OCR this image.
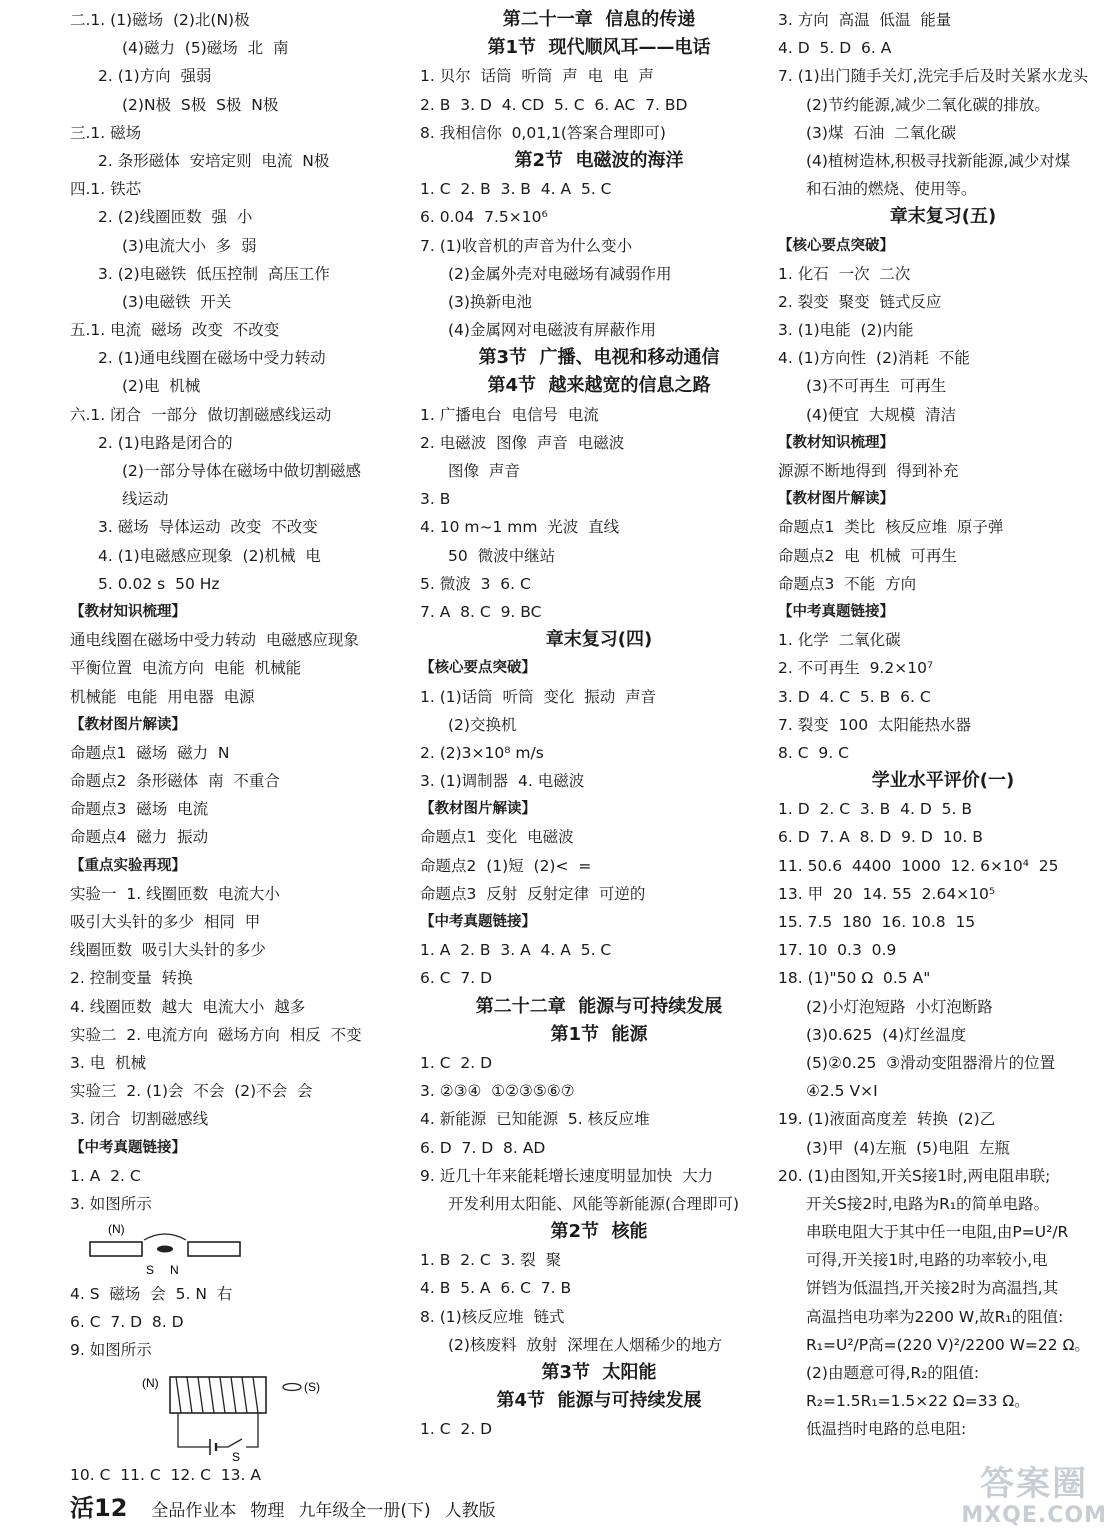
二.1. (1)磁场  (2)北(N)极
(4)磁力  (5)磁场  北  南
2. (1)方向  强弱
(2)N极  S极  S极  N极
三.1. 磁场
2. 条形磁体  安培定则  电流  N极
四.1. 铁芯
2. (2)线圈匝数  强  小
(3)电流大小  多  弱
3. (2)电磁铁  低压控制  高压工作
(3)电磁铁  开关
五.1. 电流  磁场  改变  不改变
2. (1)通电线圈在磁场中受力转动
(2)电  机械
六.1. 闭合  一部分  做切割磁感线运动
2. (1)电路是闭合的
(2)一部分导体在磁场中做切割磁感
线运动
3. 磁场  导体运动  改变  不改变
4. (1)电磁感应现象  (2)机械  电
5. 0.02 s  50 Hz
【教材知识梳理】
通电线圈在磁场中受力转动  电磁感应现象
平衡位置  电流方向  电能  机械能
机械能  电能  用电器  电源
【教材图片解读】
命题点1  磁场  磁力  N
命题点2  条形磁体  南  不重合
命题点3  磁场  电流
命题点4  磁力  振动
【重点实验再现】
实验一  1. 线圈匝数  电流大小
吸引大头针的多少  相同  甲
线圈匝数  吸引大头针的多少
2. 控制变量  转换
4. 线圈匝数  越大  电流大小  越多
实验二  2. 电流方向  磁场方向  相反  不变
3. 电  机械
实验三  2. (1)会  不会  (2)不会  会
3. 闭合  切割磁感线
【中考真题链接】
1. A  2. C
3. 如图所示
(N)
S N
4. S  磁场  会  5. N  右
6. C  7. D  8. D
9. 如图所示
(N)	(S)
S
10. C  11. C  12. C  13. A
第二十一章  信息的传递
第1节  现代顺风耳——电话
1. 贝尔  话筒  听筒  声  电  电  声
2. B  3. D  4. CD  5. C  6. AC  7. BD
8. 我相信你  0,01,1(答案合理即可)
第2节  电磁波的海洋
1. C  2. B  3. B  4. A  5. C
6. 0.04  7.5×10⁶
7. (1)收音机的声音为什么变小
(2)金属外壳对电磁场有减弱作用
(3)换新电池
(4)金属网对电磁波有屏蔽作用
第3节  广播、电视和移动通信
第4节  越来越宽的信息之路
1. 广播电台  电信号  电流
2. 电磁波  图像  声音  电磁波
图像  声音
3. B
4. 10 m~1 mm  光波  直线
50  微波中继站
5. 微波  3  6. C
7. A  8. C  9. BC
章末复习(四)
【核心要点突破】
1. (1)话筒  听筒  变化  振动  声音
(2)交换机
2. (2)3×10⁸ m/s
3. (1)调制器  4. 电磁波
【教材图片解读】
命题点1  变化  电磁波
命题点2  (1)短  (2)<  =
命题点3  反射  反射定律  可逆的
【中考真题链接】
1. A  2. B  3. A  4. A  5. C
6. C  7. D
第二十二章  能源与可持续发展
第1节  能源
1. C  2. D
3. ②③④  ①②③⑤⑥⑦
4. 新能源  已知能源  5. 核反应堆
6. D  7. D  8. AD
9. 近几十年来能耗增长速度明显加快  大力
开发利用太阳能、风能等新能源(合理即可)
第2节  核能
1. B  2. C  3. 裂  聚
4. B  5. A  6. C  7. B
8. (1)核反应堆  链式
(2)核废料  放射  深埋在人烟稀少的地方
第3节  太阳能
第4节  能源与可持续发展
1. C  2. D
3. 方向  高温  低温  能量
4. D  5. D  6. A
7. (1)出门随手关灯,洗完手后及时关紧水龙头
(2)节约能源,减少二氧化碳的排放。
(3)煤  石油  二氧化碳
(4)植树造林,积极寻找新能源,减少对煤
和石油的燃烧、使用等。
章末复习(五)
【核心要点突破】
1. 化石  一次  二次
2. 裂变  聚变  链式反应
3. (1)电能  (2)内能
4. (1)方向性  (2)消耗  不能
(3)不可再生  可再生
(4)便宜  大规模  清洁
【教材知识梳理】
源源不断地得到  得到补充
【教材图片解读】
命题点1  类比  核反应堆  原子弹
命题点2  电  机械  可再生
命题点3  不能  方向
【中考真题链接】
1. 化学  二氧化碳
2. 不可再生  9.2×10⁷
3. D  4. C  5. B  6. C
7. 裂变  100  太阳能热水器
8. C  9. C
学业水平评价(一)
1. D  2. C  3. B  4. D  5. B
6. D  7. A  8. D  9. D  10. B
11. 50.6  4400  1000  12. 6×10⁴  25
13. 甲  20  14. 55  2.64×10⁵
15. 7.5  180  16. 10.8  15
17. 10  0.3  0.9
18. (1)"50 Ω  0.5 A"
(2)小灯泡短路  小灯泡断路
(3)0.625  (4)灯丝温度
(5)②0.25  ③滑动变阻器滑片的位置
④2.5 V×I
19. (1)液面高度差  转换  (2)乙
(3)甲  (4)左瓶  (5)电阻  左瓶
20. (1)由图知,开关S接1时,两电阻串联;
开关S接2时,电路为R₁的简单电路。
串联电阻大于其中任一电阻,由P=U²/R
可得,开关接1时,电路的功率较小,电
饼铛为低温挡,开关接2时为高温挡,其
高温挡电功率为2200 W,故R₁的阻值:
R₁=U²/P高=(220 V)²/2200 W=22 Ω。
(2)由题意可得,R₂的阻值:
R₂=1.5R₁=1.5×22 Ω=33 Ω。
低温挡时电路的总电阻:
活12 全品作业本 物理 九年级全一册(下) 人教版
答案圈
MXQE.COM
